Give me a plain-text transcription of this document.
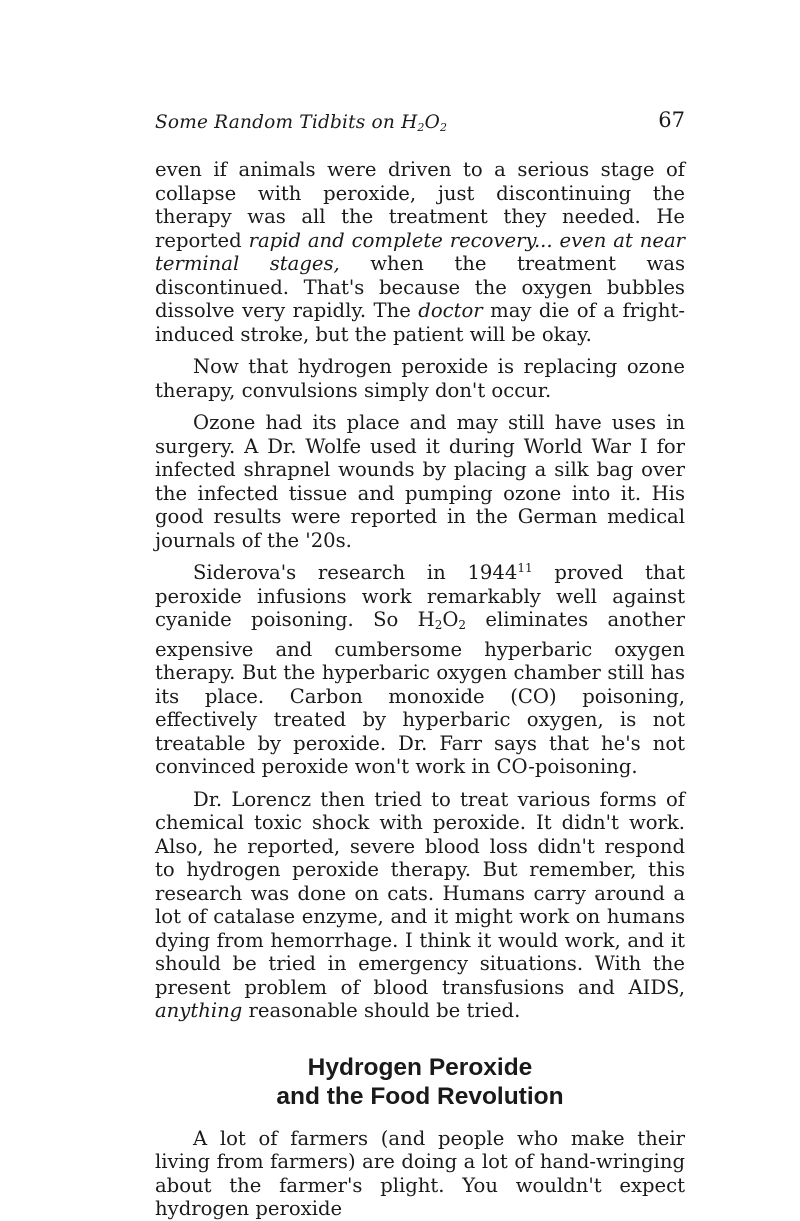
Some Random Tidbits on $H_2O_2$	67

even if animals were driven to a serious stage of collapse with peroxide, just discontinuing the therapy was all the treatment they needed. He reported rapid and complete recovery... even at near terminal stages, when the treatment was discontinued. That's because the oxygen bubbles dissolve very rapidly. The doctor may die of a fright-induced stroke, but the patient will be okay.

Now that hydrogen peroxide is replacing ozone therapy, convulsions simply don't occur.

Ozone had its place and may still have uses in surgery. A Dr. Wolfe used it during World War I for infected shrapnel wounds by placing a silk bag over the infected tissue and pumping ozone into it. His good results were reported in the German medical journals of the '20s.

Siderova's research in 1944$^{11}$ proved that peroxide infusions work remarkably well against cyanide poisoning. So $H_2O_2$ eliminates another expensive and cumbersome hyperbaric oxygen therapy. But the hyperbaric oxygen chamber still has its place. Carbon monoxide (CO) poisoning, effectively treated by hyperbaric oxygen, is not treatable by peroxide. Dr. Farr says that he's not convinced peroxide won't work in CO-poisoning.

Dr. Lorencz then tried to treat various forms of chemical toxic shock with peroxide. It didn't work. Also, he reported, severe blood loss didn't respond to hydrogen peroxide therapy. But remember, this research was done on cats. Humans carry around a lot of catalase enzyme, and it might work on humans dying from hemorrhage. I think it would work, and it should be tried in emergency situations. With the present problem of blood transfusions and AIDS, anything reasonable should be tried.

Hydrogen Peroxide
and the Food Revolution

A lot of farmers (and people who make their living from farmers) are doing a lot of hand-wringing about the farmer's plight. You wouldn't expect hydrogen peroxide
